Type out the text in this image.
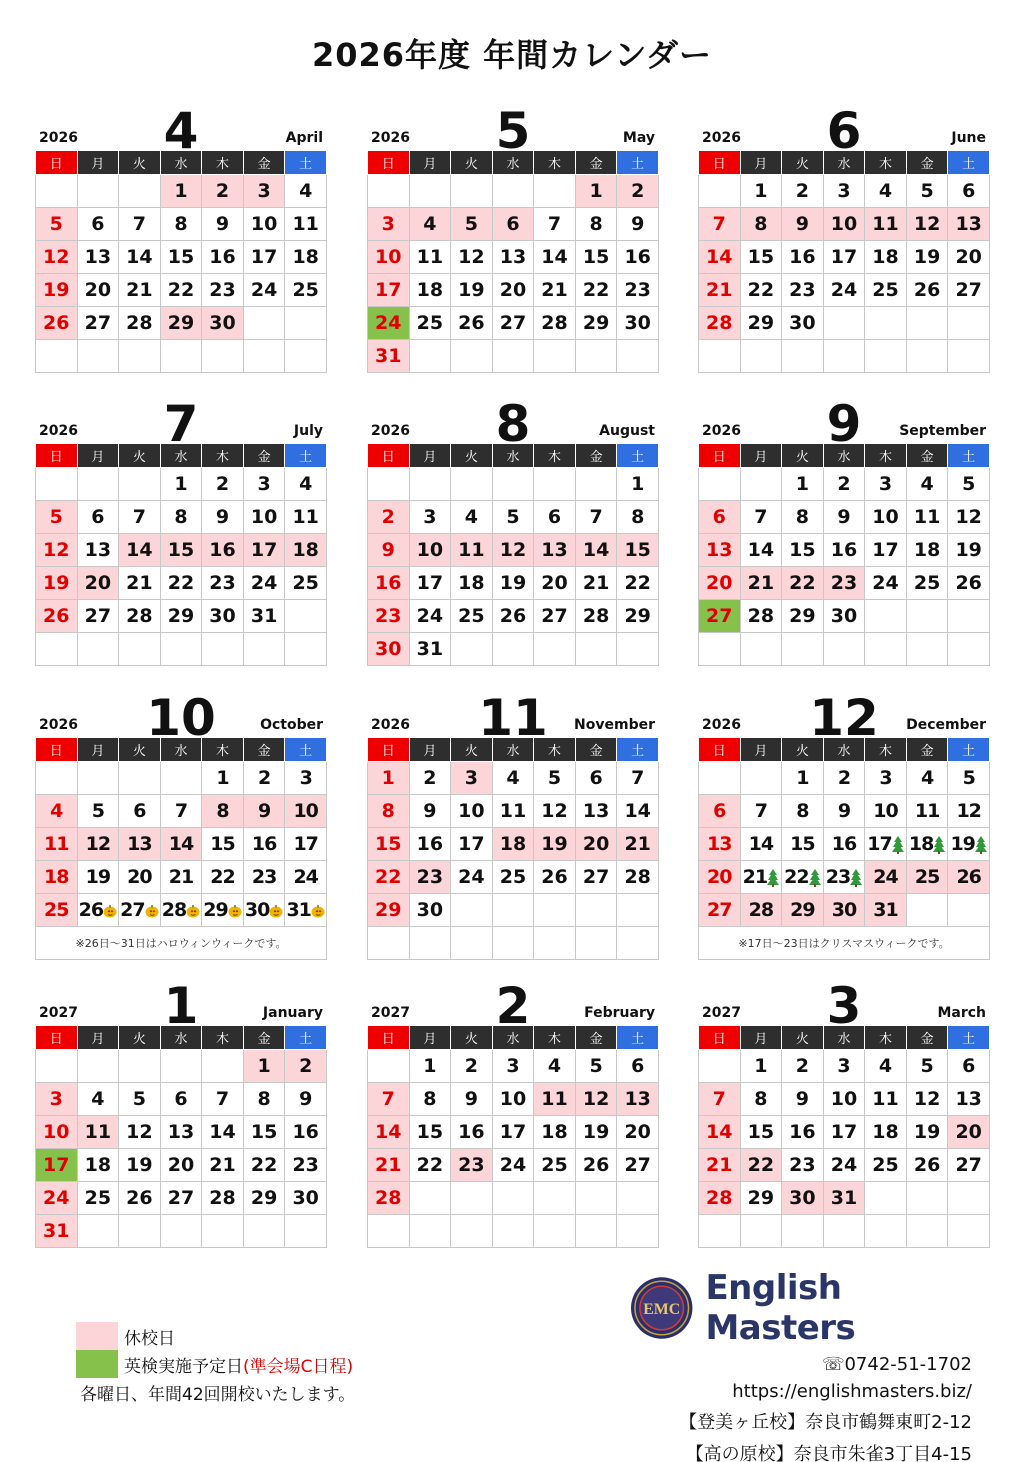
2026年度 年間カレンダー
2026	4	April
日	月	火	水	木	金	土
			1	2	3	4
5	6	7	8	9	10	11
12	13	14	15	16	17	18
19	20	21	22	23	24	25
26	27	28	29	30		

2026	5	May
日	月	火	水	木	金	土
					1	2
3	4	5	6	7	8	9
10	11	12	13	14	15	16
17	18	19	20	21	22	23
24	25	26	27	28	29	30
31						
2026	6	June
日	月	火	水	木	金	土
	1	2	3	4	5	6
7	8	9	10	11	12	13
14	15	16	17	18	19	20
21	22	23	24	25	26	27
28	29	30				

2026	7	July
日	月	火	水	木	金	土
			1	2	3	4
5	6	7	8	9	10	11
12	13	14	15	16	17	18
19	20	21	22	23	24	25
26	27	28	29	30	31	

2026	8	August
日	月	火	水	木	金	土
						1
2	3	4	5	6	7	8
9	10	11	12	13	14	15
16	17	18	19	20	21	22
23	24	25	26	27	28	29
30	31					
2026	9	September
日	月	火	水	木	金	土
		1	2	3	4	5
6	7	8	9	10	11	12
13	14	15	16	17	18	19
20	21	22	23	24	25	26
27	28	29	30			

2026	10	October
日	月	火	水	木	金	土
				1	2	3
4	5	6	7	8	9	10
11	12	13	14	15	16	17
18	19	20	21	22	23	24
25	26	27	28	29	30	31
※26日～31日はハロウィンウィークです。						
2026	11	November
日	月	火	水	木	金	土
1	2	3	4	5	6	7
8	9	10	11	12	13	14
15	16	17	18	19	20	21
22	23	24	25	26	27	28
29	30					

2026	12	December
日	月	火	水	木	金	土
		1	2	3	4	5
6	7	8	9	10	11	12
13	14	15	16	17	18	19
20	21	22	23	24	25	26
27	28	29	30	31		
※17日～23日はクリスマスウィークです。						
2027	1	January
日	月	火	水	木	金	土
					1	2
3	4	5	6	7	8	9
10	11	12	13	14	15	16
17	18	19	20	21	22	23
24	25	26	27	28	29	30
31						
2027	2	February
日	月	火	水	木	金	土
	1	2	3	4	5	6
7	8	9	10	11	12	13
14	15	16	17	18	19	20
21	22	23	24	25	26	27
28						

2027	3	March
日	月	火	水	木	金	土
	1	2	3	4	5	6
7	8	9	10	11	12	13
14	15	16	17	18	19	20
21	22	23	24	25	26	27
28	29	30	31			

休校日
英検実施予定日 (準会場C日程)
各曜日、年間42回開校いたします。
EMC
English Masters
☏0742-51-1702
https://englishmasters.biz/
【登美ヶ丘校】奈良市鶴舞東町2-12
【高の原校】奈良市朱雀3丁目4-15
